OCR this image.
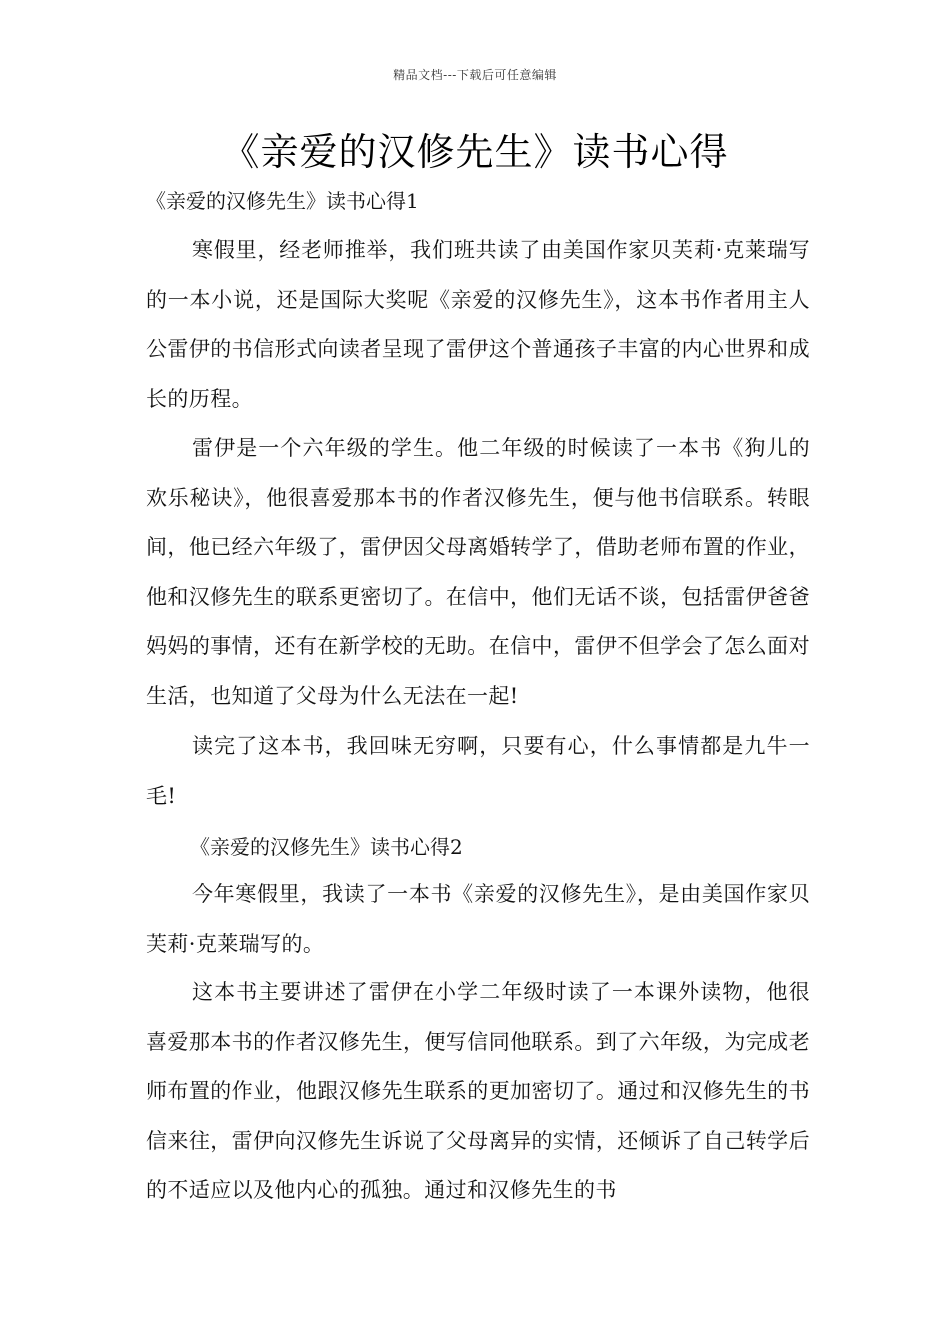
精品文档---下载后可任意编辑
《亲爱的汉修先生》读书心得

《亲爱的汉修先生》读书心得1

寒假里，经老师推举，我们班共读了由美国作家贝芙莉·克莱瑞写的一本小说，还是国际大奖呢《亲爱的汉修先生》，这本书作者用主人公雷伊的书信形式向读者呈现了雷伊这个普通孩子丰富的内心世界和成长的历程。

雷伊是一个六年级的学生。他二年级的时候读了一本书《狗儿的欢乐秘诀》，他很喜爱那本书的作者汉修先生，便与他书信联系。转眼间，他已经六年级了，雷伊因父母离婚转学了，借助老师布置的作业，他和汉修先生的联系更密切了。在信中，他们无话不谈，包括雷伊爸爸妈妈的事情，还有在新学校的无助。在信中，雷伊不但学会了怎么面对生活，也知道了父母为什么无法在一起!

读完了这本书，我回味无穷啊，只要有心，什么事情都是九牛一毛!

《亲爱的汉修先生》读书心得2

今年寒假里，我读了一本书《亲爱的汉修先生》，是由美国作家贝芙莉·克莱瑞写的。

这本书主要讲述了雷伊在小学二年级时读了一本课外读物，他很喜爱那本书的作者汉修先生，便写信同他联系。到了六年级，为完成老师布置的作业，他跟汉修先生联系的更加密切了。通过和汉修先生的书信来往，雷伊向汉修先生诉说了父母离异的实情，还倾诉了自己转学后的不适应以及他内心的孤独。通过和汉修先生的书
